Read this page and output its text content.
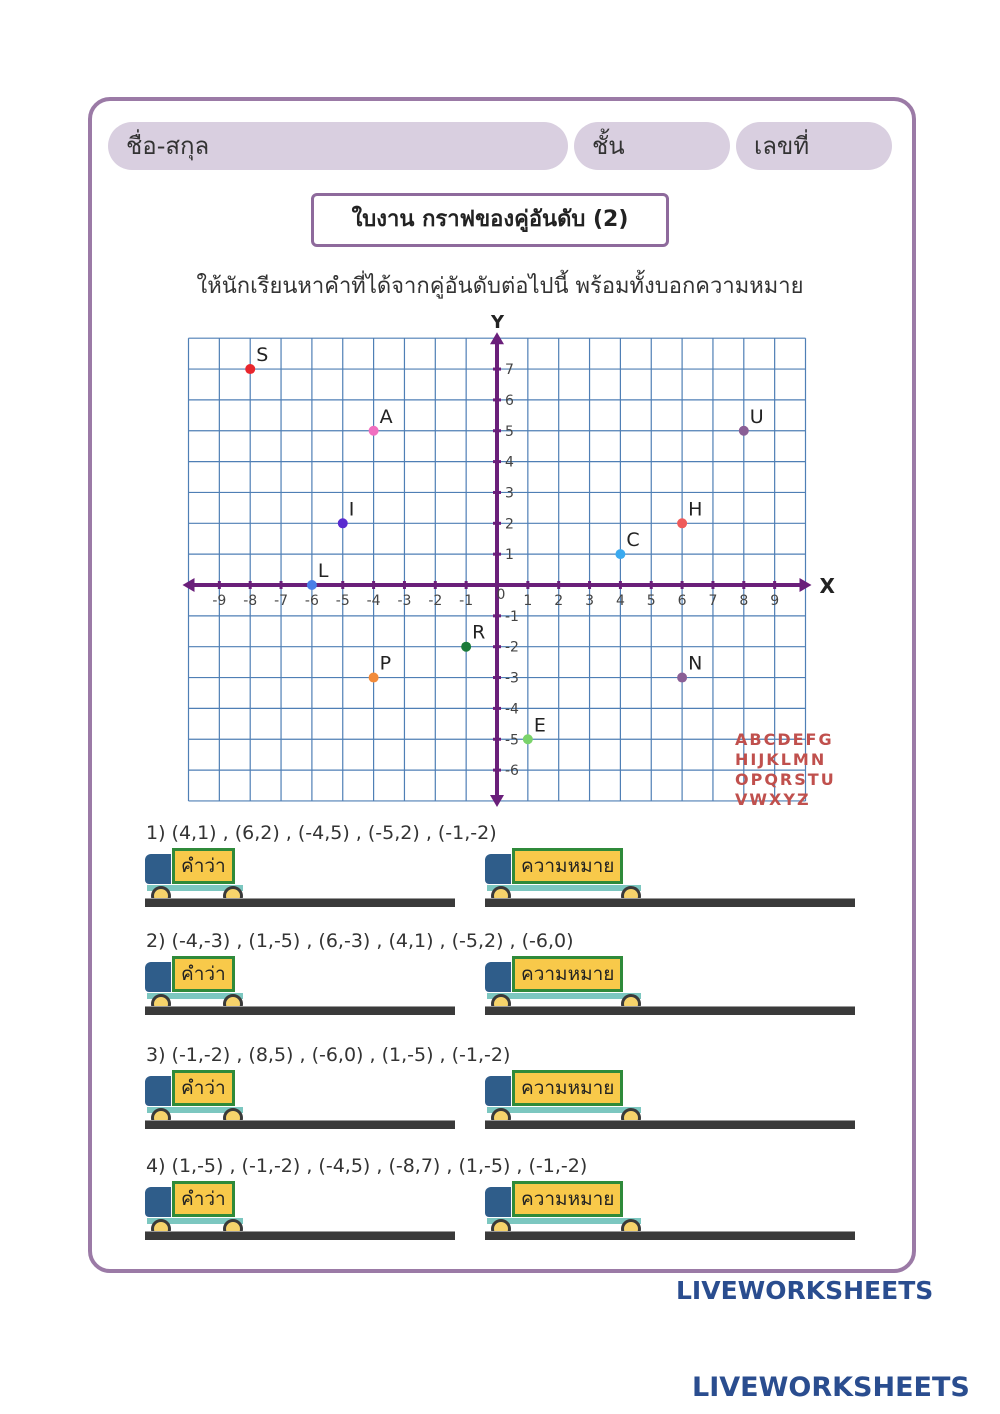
ชื่อ-สกุล	ชั้น	เลขที่
ใบงาน กราฟของคู่อันดับ (2)
ให้นักเรียนหาคำที่ได้จากคู่อันดับต่อไปนี้ พร้อมทั้งบอกความหมาย
X
Y
-9 -8 -7 -6 -5 -4 -3 -2 -1 0 1 2 3 4 5 6 7 8 9
-6
-5
-4
-3
-2
-1
1
2
3
4
5
6
7
S
A	U
I	H
C
L
R
P	N
E
ABCDEFG HIJKLMN OPQRSTU VWXYZ
1) (4,1) , (6,2) , (-4,5) , (-5,2) , (-1,-2)
คำว่า	ความหมาย
2) (-4,-3) , (1,-5) , (6,-3) , (4,1) , (-5,2) , (-6,0)
คำว่า	ความหมาย
3) (-1,-2) , (8,5) , (-6,0) , (1,-5) , (-1,-2)
คำว่า	ความหมาย
4) (1,-5) , (-1,-2) , (-4,5) , (-8,7) , (1,-5) , (-1,-2)
คำว่า	ความหมาย
LIVEWORKSHEETS
LIVEWORKSHEETS
